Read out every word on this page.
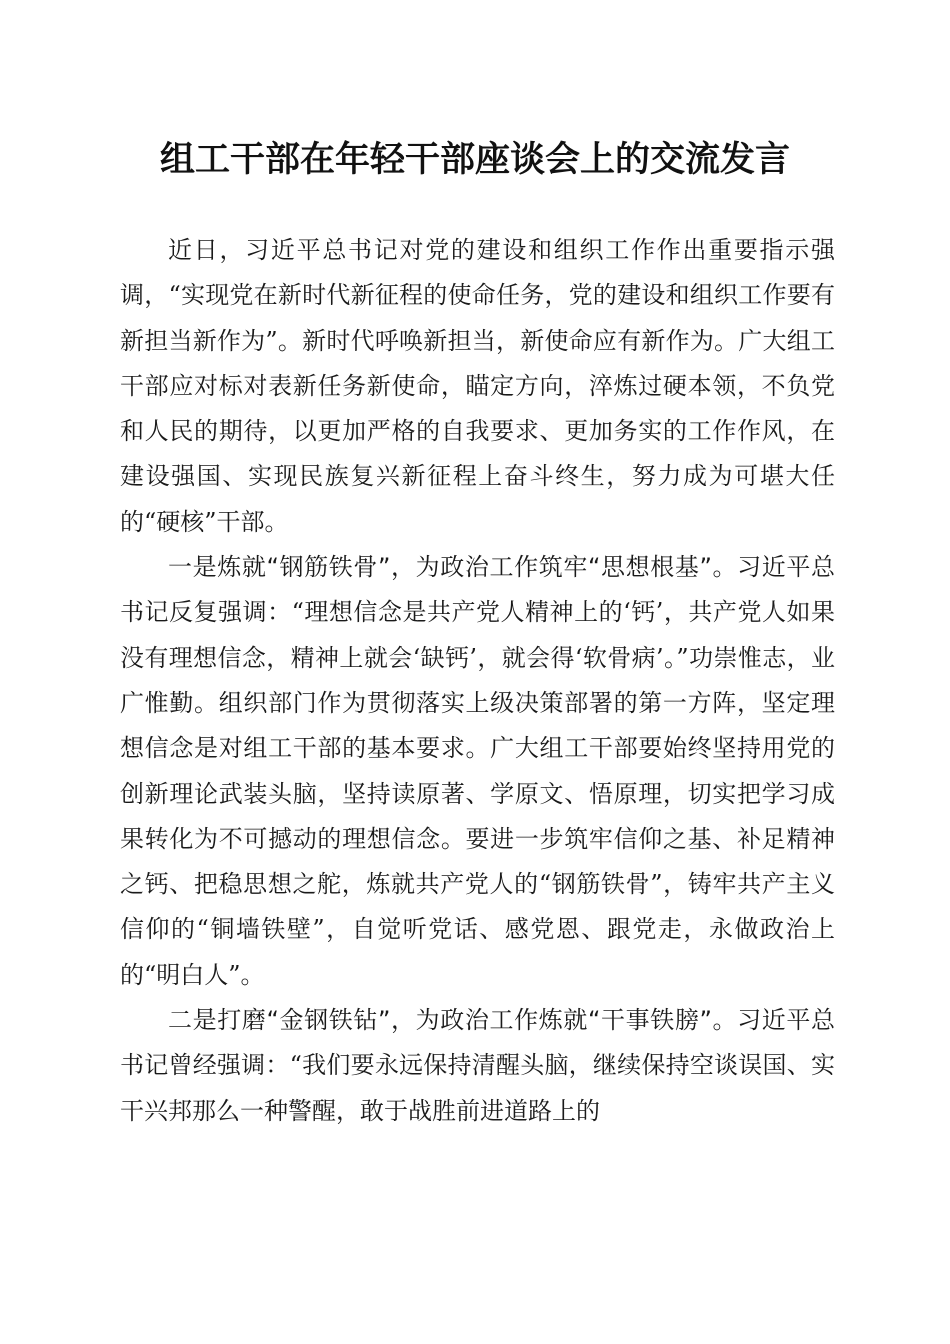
组工干部在年轻干部座谈会上的交流发言

近日，习近平总书记对党的建设和组织工作作出重要指示强调，“实现党在新时代新征程的使命任务，党的建设和组织工作要有新担当新作为”。新时代呼唤新担当，新使命应有新作为。广大组工干部应对标对表新任务新使命，瞄定方向，淬炼过硬本领，不负党和人民的期待，以更加严格的自我要求、更加务实的工作作风，在建设强国、实现民族复兴新征程上奋斗终生，努力成为可堪大任的“硬核”干部。

一是炼就“钢筋铁骨”，为政治工作筑牢“思想根基”。习近平总书记反复强调：“理想信念是共产党人精神上的‘钙’，共产党人如果没有理想信念，精神上就会‘缺钙’，就会得‘软骨病’。”功崇惟志，业广惟勤。组织部门作为贯彻落实上级决策部署的第一方阵，坚定理想信念是对组工干部的基本要求。广大组工干部要始终坚持用党的创新理论武装头脑，坚持读原著、学原文、悟原理，切实把学习成果转化为不可撼动的理想信念。要进一步筑牢信仰之基、补足精神之钙、把稳思想之舵，炼就共产党人的“钢筋铁骨”，铸牢共产主义信仰的“铜墙铁壁”，自觉听党话、感党恩、跟党走，永做政治上的“明白人”。

二是打磨“金钢铁钻”，为政治工作炼就“干事铁膀”。习近平总书记曾经强调：“我们要永远保持清醒头脑，继续保持空谈误国、实干兴邦那么一种警醒，敢于战胜前进道路上的
